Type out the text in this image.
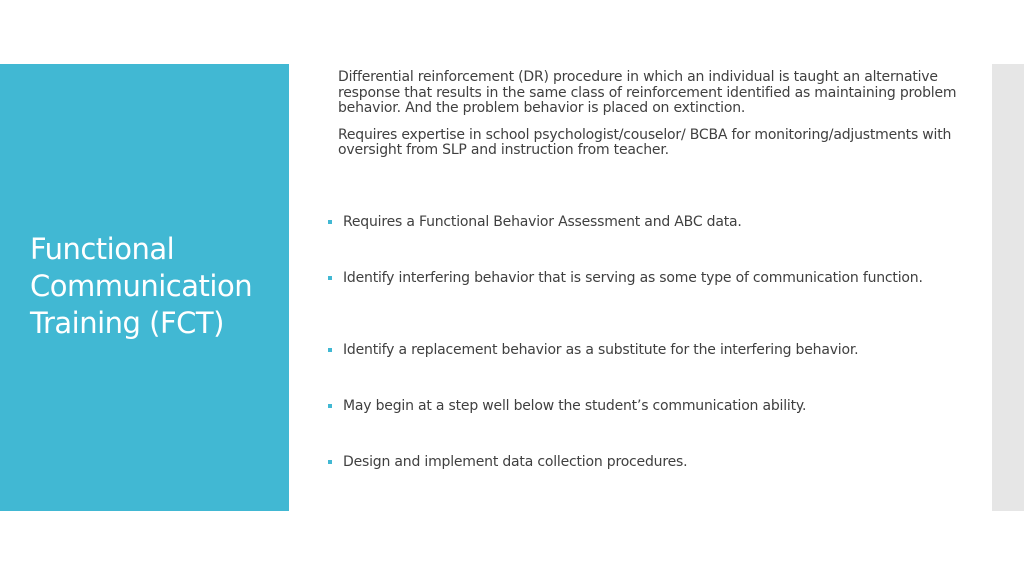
Functional Communication Training (FCT)

Differential reinforcement (DR) procedure in which an individual is taught an alternative response that results in the same class of reinforcement identified as maintaining problem behavior. And the problem behavior is placed on extinction.

Requires expertise in school psychologist/couselor/ BCBA for monitoring/adjustments with oversight from SLP and instruction from teacher.

Requires a Functional Behavior Assessment and ABC data.
Identify interfering behavior that is serving as some type of communication function.
Identify a replacement behavior as a substitute for the interfering behavior.
May begin at a step well below the student’s communication ability.
Design and implement data collection procedures.
